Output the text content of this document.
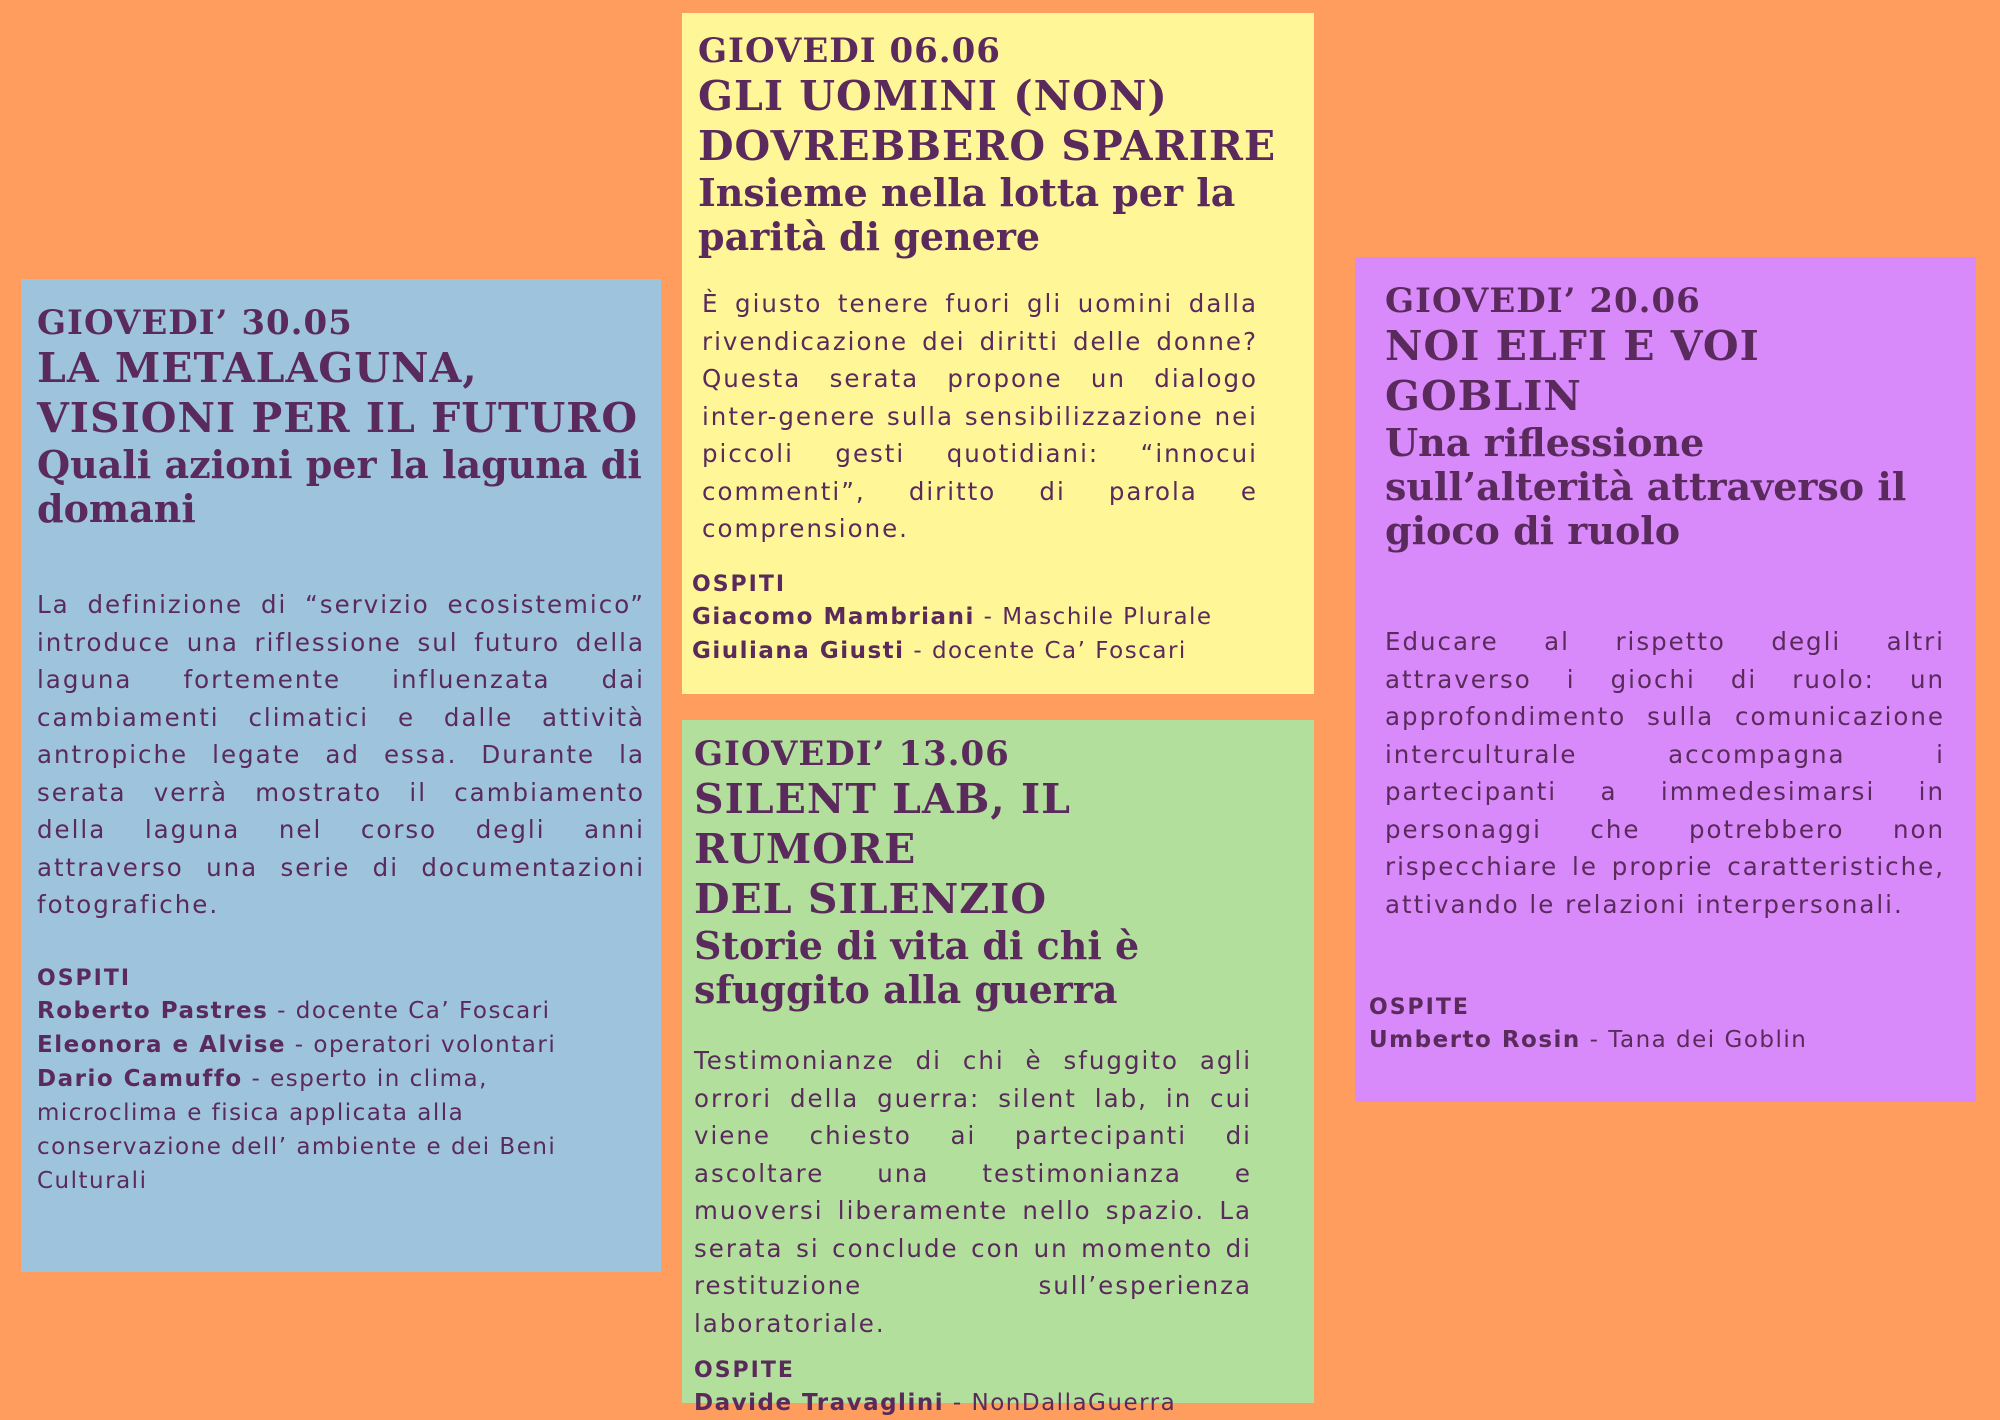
GIOVEDI’ 30.05
LA METALAGUNA,
VISIONI PER IL FUTURO
Quali azioni per la laguna di domani

La definizione di “servizio ecosistemico” introduce una riflessione sul futuro della laguna fortemente influenzata dai cambiamenti climatici e dalle attività antropiche legate ad essa. Durante la serata verrà mostrato il cambiamento della laguna nel corso degli anni attraverso una serie di documentazioni fotografiche.

OSPITI
Roberto Pastres - docente Ca’ Foscari
Eleonora e Alvise - operatori volontari
Dario Camuffo - esperto in clima, microclima e fisica applicata alla conservazione dell’ ambiente e dei Beni Culturali
GIOVEDI 06.06
GLI UOMINI (NON)
DOVREBBERO SPARIRE
Insieme nella lotta per la parità di genere

È giusto tenere fuori gli uomini dalla rivendicazione dei diritti delle donne? Questa serata propone un dialogo inter-genere sulla sensibilizzazione nei piccoli gesti quotidiani: “innocui commenti”, diritto di parola e comprensione.

OSPITI
Giacomo Mambriani - Maschile Plurale
Giuliana Giusti - docente Ca’ Foscari
GIOVEDI’ 13.06
SILENT LAB, IL RUMORE
DEL SILENZIO
Storie di vita di chi è sfuggito alla guerra

Testimonianze di chi è sfuggito agli orrori della guerra: silent lab, in cui viene chiesto ai partecipanti di ascoltare una testimonianza e muoversi liberamente nello spazio. La serata si conclude con un momento di restituzione sull’esperienza laboratoriale.

OSPITE
Davide Travaglini - NonDallaGuerra
GIOVEDI’ 20.06
NOI ELFI E VOI GOBLIN
Una riflessione sull’alterità attraverso il gioco di ruolo

Educare al rispetto degli altri attraverso i giochi di ruolo: un approfondimento sulla comunicazione interculturale accompagna i partecipanti a immedesimarsi in personaggi che potrebbero non rispecchiare le proprie caratteristiche, attivando le relazioni interpersonali.

OSPITE
Umberto Rosin - Tana dei Goblin
